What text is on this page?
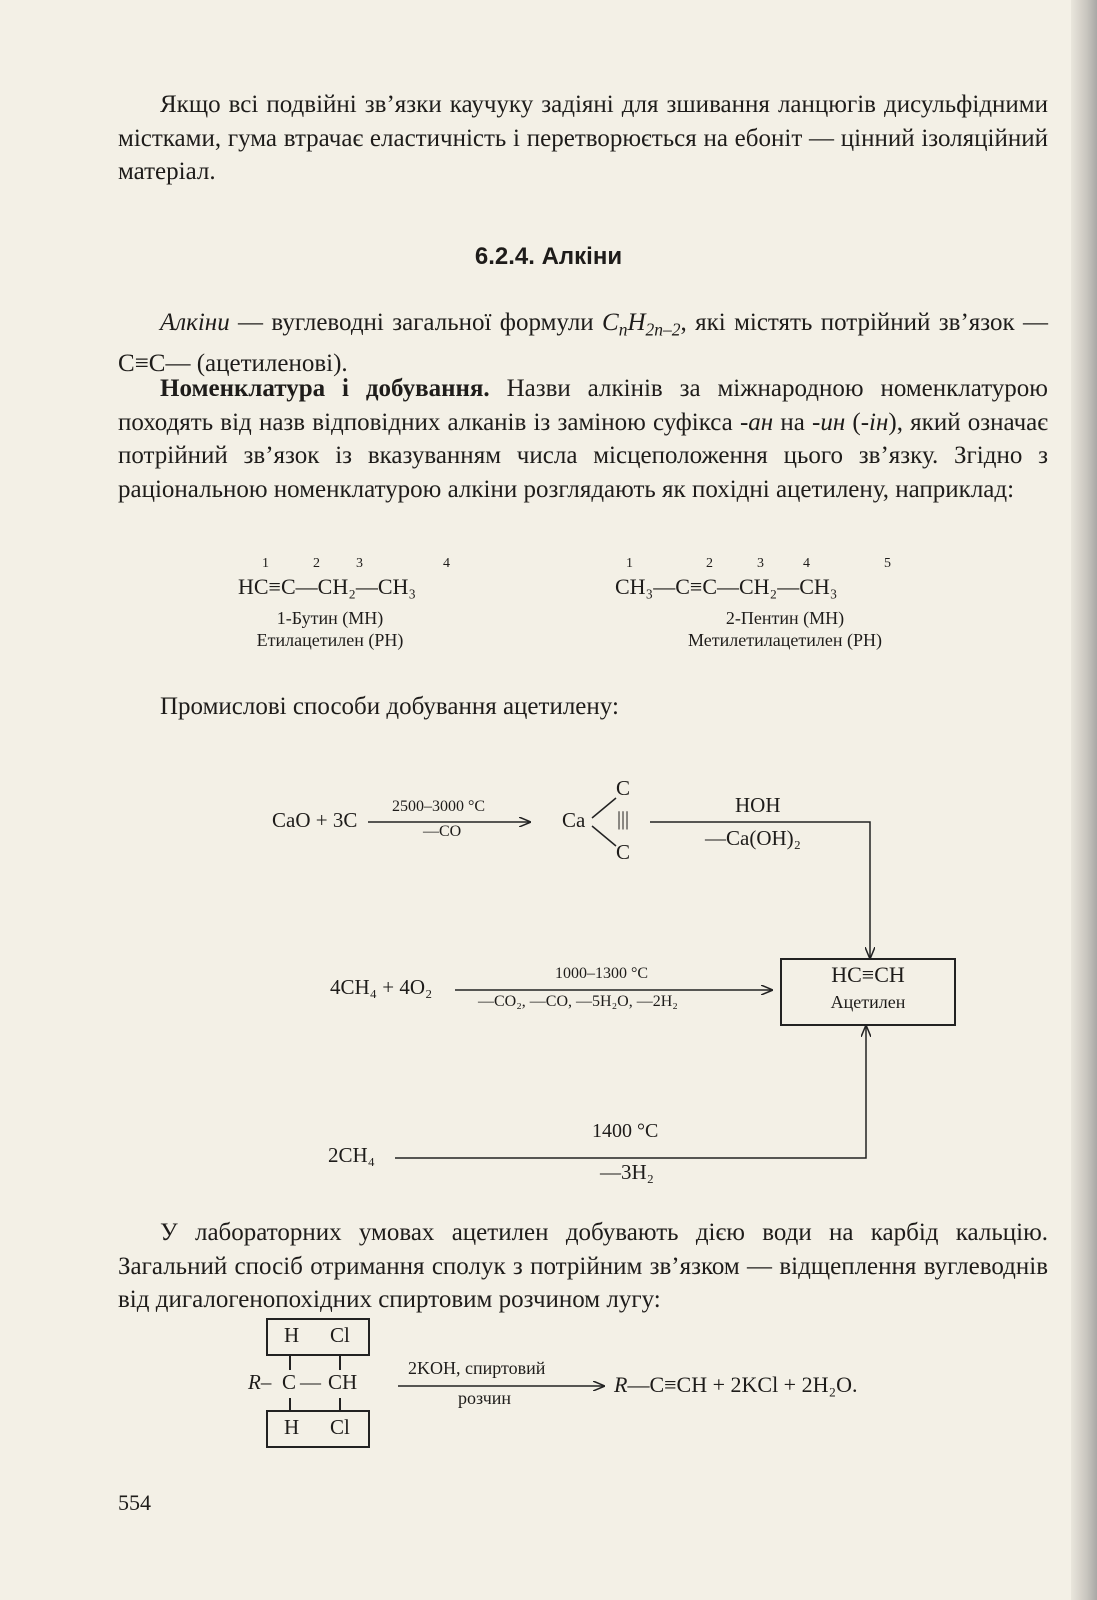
Якщо всі подвійні зв’язки каучуку задіяні для зшивання ланцюгів дисульфідними містками, гума втрачає еластичність і перетворюється на ебоніт — цінний ізоляційний матеріал.

6.2.4. Алкіни

Алкіни — вуглеводні загальної формули $C_nH_{2n-2}$, які містять потрійний зв’язок —C≡C— (ацетиленові).

Номенклатура і добування. Назви алкінів за міжнародною номенклатурою походять від назв відповідних алканів із заміною суфікса -ан на -ин (-ін), який означає потрійний зв’язок із вказуванням числа місцеположення цього зв’язку. Згідно з раціональною номенклатурою алкіни розглядають як похідні ацетилену, наприклад:

1	2	3	4
HC≡C—CH₂—CH₃
1-Бутин (МН)
Етилацетилен (РН)
1	2	3	4	5
CH₃—C≡C—CH₂—CH₃
2-Пентин (МН)
Метилетилацетилен (РН)

Промислові способи добування ацетилену:

CaO + 3C
2500–3000 °С
—CO	Ca
C
|||
C
HOH
—Ca(OH)₂
4CH₄ + 4O₂
1000–1300 °С
—CO₂, —CO, —5H₂O, —2H₂
HC≡CH
Ацетилен
2CH₄
1400 °С
—3H₂

У лабораторних умовах ацетилен добувають дією води на карбід кальцію. Загальний спосіб отримання сполук з потрійним зв’язком — відщеплення вуглеводнів від дигалогенопохідних спиртовим розчином лугу:

H Cl
R– C — CH
H Cl
2KOH, спиртовий
розчин
R—C≡CH + 2KCl + 2H₂O.
554
